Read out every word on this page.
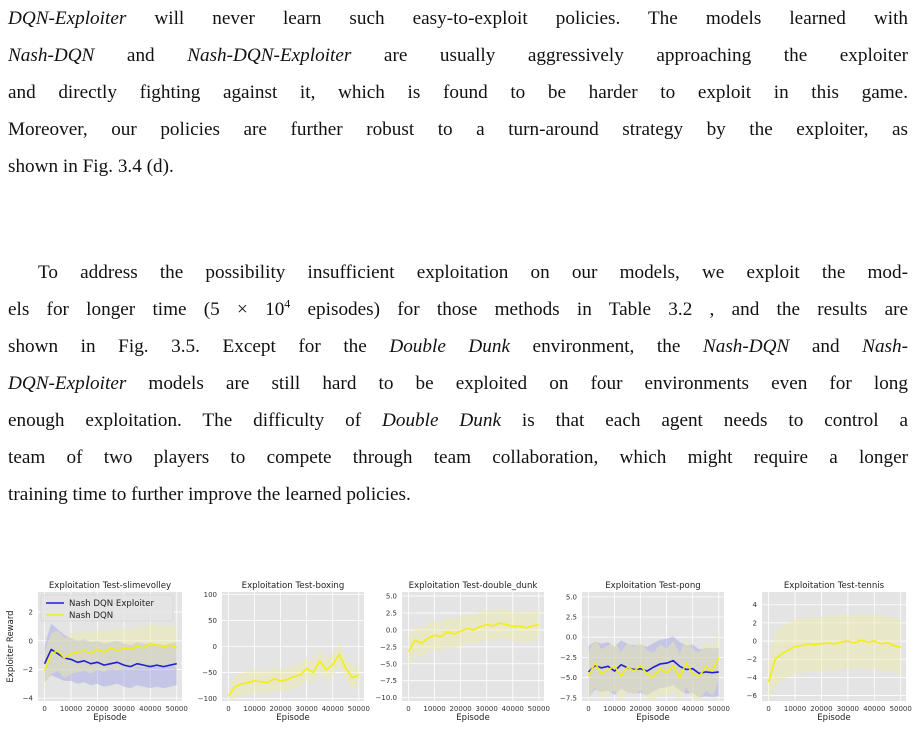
DQN-Exploiter will never learn such easy-to-exploit policies. The models learned with
Nash-DQN and Nash-DQN-Exploiter are usually aggressively approaching the exploiter
and directly fighting against it, which is found to be harder to exploit in this game.
Moreover, our policies are further robust to a turn-around strategy by the exploiter, as
shown in Fig. 3.4 (d).
To address the possibility insufficient exploitation on our models, we exploit the mod-
els for longer time ($5 \times 10^4$ episodes) for those methods in Table 3.2 , and the results are
shown in Fig. 3.5. Except for the Double Dunk environment, the Nash-DQN and Nash-
DQN-Exploiter models are still hard to be exploited on four environments even for long
enough exploitation. The difficulty of Double Dunk is that each agent needs to control a
team of two players to compete through team collaboration, which might require a longer
training time to further improve the learned policies.
Exploitation Test-slimevolley
−4
−2
0
2
0 10000 20000 30000 40000 50000
Episode
Exploiter Reward
Nash DQN Exploiter
Nash DQN
Exploitation Test-boxing
−100
−50
0
50
100
0 10000 20000 30000 40000 50000
Episode
Exploitation Test-double_dunk
−10.0
−7.5
−5.0
−2.5
0.0
2.5
5.0
0 10000 20000 30000 40000 50000
Episode
Exploitation Test-pong
−7.5
−5.0
−2.5
0.0
2.5
5.0
0 10000 20000 30000 40000 50000
Episode
Exploitation Test-tennis
−6
−4
−2
0
2
4
0 10000 20000 30000 40000 50000
Episode
